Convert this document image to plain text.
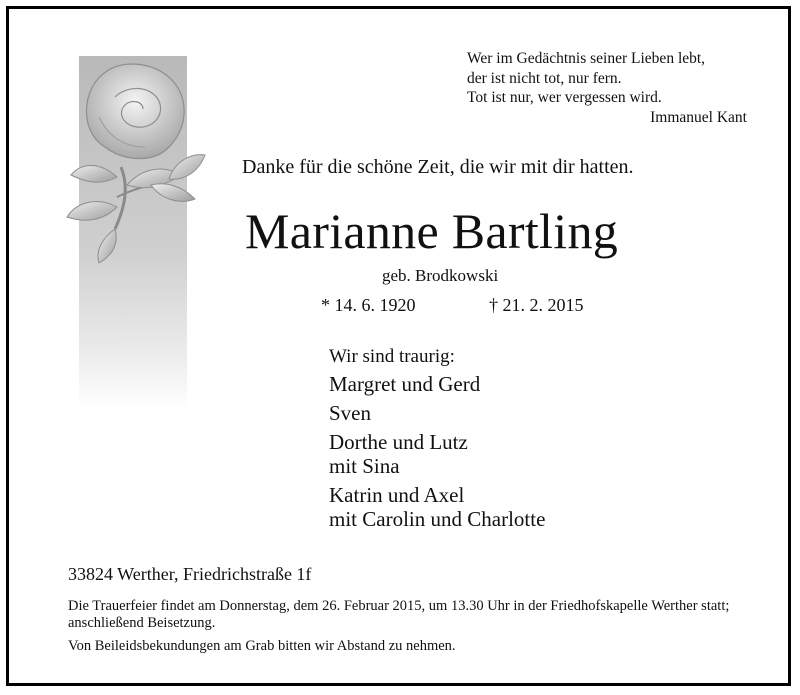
Wer im Gedächtnis seiner Lieben lebt,
der ist nicht tot, nur fern.
Tot ist nur, wer vergessen wird.
Immanuel Kant
Danke für die schöne Zeit, die wir mit dir hatten.
Marianne Bartling
geb. Brodkowski
* 14. 6. 1920	† 21. 2. 2015
Wir sind traurig:
Margret und Gerd
Sven
Dorthe und Lutz
mit Sina
Katrin und Axel
mit Carolin und Charlotte
33824 Werther, Friedrichstraße 1f
Die Trauerfeier findet am Donnerstag, dem 26. Februar 2015, um 13.30 Uhr in der Friedhofskapelle Werther statt; anschließend Beisetzung.
Von Beileidsbekundungen am Grab bitten wir Abstand zu nehmen.
